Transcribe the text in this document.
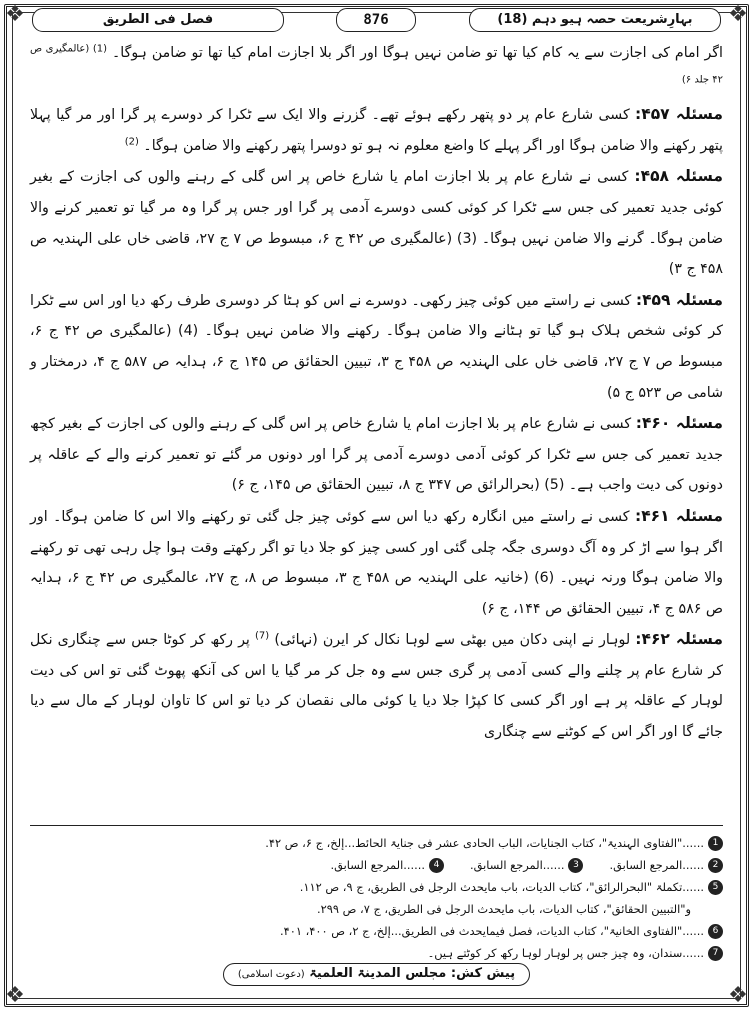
❖	❖
❖	❖
بہارِشریعت حصہ ہیو دہم (18)
876
فصل فی الطریق

اگر امام کی اجازت سے یہ کام کیا تھا تو ضامن نہیں ہوگا اور اگر بلا اجازت امام کیا تھا تو ضامن ہوگا۔ $^{(1) (عالمگیری ص ۴۲ جلد ۶)}$

مسئلہ ۴۵۷: کسی شارع عام پر دو پتھر رکھے ہوئے تھے۔ گزرنے والا ایک سے ٹکرا کر دوسرے پر گرا اور مر گیا پہلا پتھر رکھنے والا ضامن ہوگا اور اگر پہلے کا واضع معلوم نہ ہو تو دوسرا پتھر رکھنے والا ضامن ہوگا۔ $^{(2)}$

مسئلہ ۴۵۸: کسی نے شارع عام پر بلا اجازت امام یا شارع خاص پر اس گلی کے رہنے والوں کی اجازت کے بغیر کوئی جدید تعمیر کی جس سے ٹکرا کر کوئی کسی دوسرے آدمی پر گرا اور جس پر گرا وہ مر گیا تو تعمیر کرنے والا ضامن ہوگا۔ گرنے والا ضامن نہیں ہوگا۔ (3) (عالمگیری ص ۴۲ ج ۶، مبسوط ص ۷ ج ۲۷، قاضی خاں علی الہندیہ ص ۴۵۸ ج ۳)

مسئلہ ۴۵۹: کسی نے راستے میں کوئی چیز رکھی۔ دوسرے نے اس کو ہٹا کر دوسری طرف رکھ دیا اور اس سے ٹکرا کر کوئی شخص ہلاک ہو گیا تو ہٹانے والا ضامن ہوگا۔ رکھنے والا ضامن نہیں ہوگا۔ (4) (عالمگیری ص ۴۲ ج ۶، مبسوط ص ۷ ج ۲۷، قاضی خاں علی الہندیہ ص ۴۵۸ ج ۳، تبیین الحقائق ص ۱۴۵ ج ۶، ہدایہ ص ۵۸۷ ج ۴، درمختار و شامی ص ۵۲۳ ج ۵)

مسئلہ ۴۶۰: کسی نے شارع عام پر بلا اجازت امام یا شارع خاص پر اس گلی کے رہنے والوں کی اجازت کے بغیر کچھ جدید تعمیر کی جس سے ٹکرا کر کوئی آدمی دوسرے آدمی پر گرا اور دونوں مر گئے تو تعمیر کرنے والے کے عاقلہ پر دونوں کی دیت واجب ہے۔ (5) (بحرالرائق ص ۳۴۷ ج ۸، تبیین الحقائق ص ۱۴۵، ج ۶)

مسئلہ ۴۶۱: کسی نے راستے میں انگارہ رکھ دیا اس سے کوئی چیز جل گئی تو رکھنے والا اس کا ضامن ہوگا۔ اور اگر ہوا سے اڑ کر وہ آگ دوسری جگہ چلی گئی اور کسی چیز کو جلا دیا تو اگر رکھتے وقت ہوا چل رہی تھی تو رکھنے والا ضامن ہوگا ورنہ نہیں۔ (6) (خانیہ علی الہندیہ ص ۴۵۸ ج ۳، مبسوط ص ۸، ج ۲۷، عالمگیری ص ۴۲ ج ۶، ہدایہ ص ۵۸۶ ج ۴، تبیین الحقائق ص ۱۴۴، ج ۶)

مسئلہ ۴۶۲: لوہار نے اپنی دکان میں بھٹی سے لوہا نکال کر ایرن (نہائی) $^{(7)}$ پر رکھ کر کوٹا جس سے چنگاری نکل کر شارع عام پر چلنے والے کسی آدمی پر گری جس سے وہ جل کر مر گیا یا اس کی آنکھ پھوٹ گئی تو اس کی دیت لوہار کے عاقلہ پر ہے اور اگر کسی کا کپڑا جلا دیا یا کوئی مالی نقصان کر دیا تو اس کا تاوان لوہار کے مال سے دیا جائے گا اور اگر اس کے کوٹنے سے چنگاری

1
......"الفتاوی الہندیۃ"، کتاب الجنایات، الباب الحادی عشر فی جنایۃ الحائط...إلخ، ج ۶، ص ۴۲.
2
......المرجع السابق.
3
......المرجع السابق.
4
......المرجع السابق.
5
......تکملۃ "البحرالرائق"، کتاب الدیات، باب مایحدث الرجل فی الطریق، ج ۹، ص ۱۱۲.
و"التبیین الحقائق"، کتاب الدیات، باب مایحدث الرجل فی الطریق، ج ۷، ص ۲۹۹.
6
......"الفتاوی الخانیۃ"، کتاب الدیات، فصل فیمایحدث فی الطریق...إلخ، ج ۲، ص ۴۰۰، ۴۰۱.
7
......سندان، وہ چیز جس پر لوہار لوہا رکھ کر کوٹتے ہیں۔
پیش کش: مجلس المدینۃ العلمیۃ (دعوت اسلامی)
